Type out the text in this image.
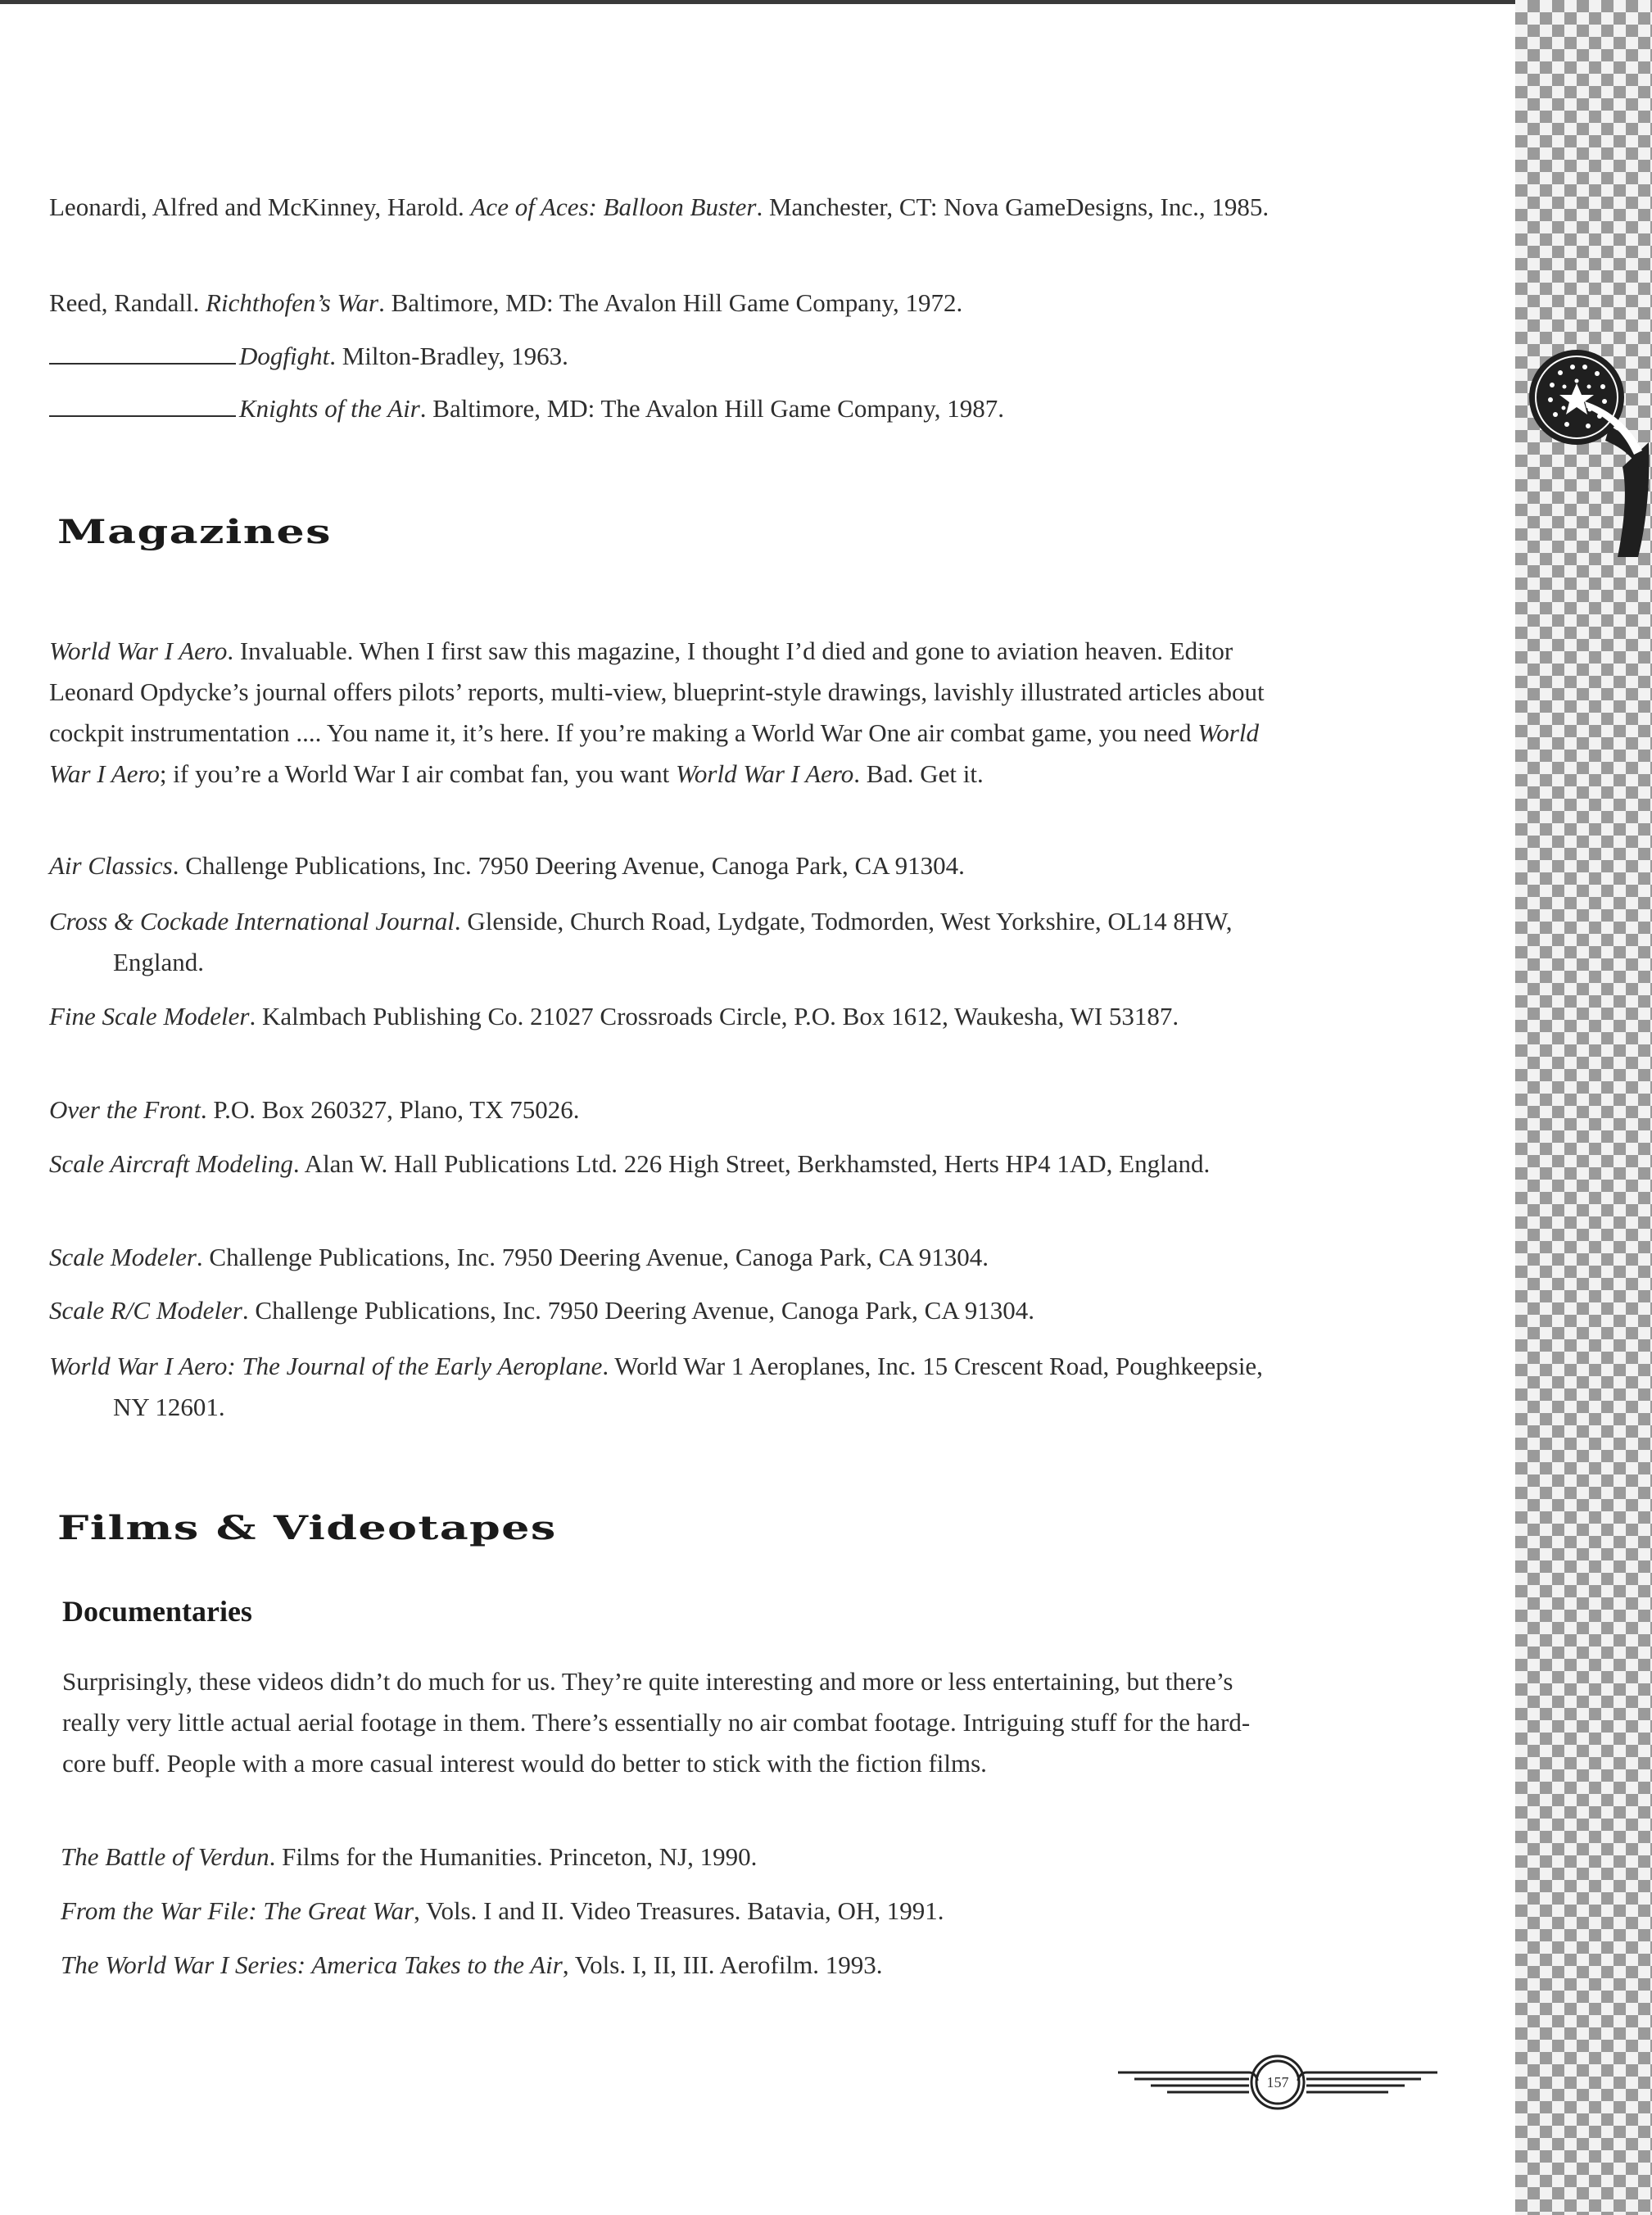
Leonardi, Alfred and McKinney, Harold. Ace of Aces: Balloon Buster. Manchester, CT: Nova GameDesigns, Inc., 1985.
Reed, Randall. Richthofen’s War. Baltimore, MD: The Avalon Hill Game Company, 1972.
Dogfight. Milton-Bradley, 1963.
Knights of the Air. Baltimore, MD: The Avalon Hill Game Company, 1987.
Magazines
World War I Aero. Invaluable. When I first saw this magazine, I thought I’d died and gone to aviation heaven. Editor Leonard Opdycke’s journal offers pilots’ reports, multi-view, blueprint-style drawings, lavishly illustrated articles about cockpit instrumentation .... You name it, it’s here. If you’re making a World War One air combat game, you need World War I Aero; if you’re a World War I air combat fan, you want World War I Aero. Bad. Get it.
Air Classics. Challenge Publications, Inc. 7950 Deering Avenue, Canoga Park, CA 91304.
Cross & Cockade International Journal. Glenside, Church Road, Lydgate, Todmorden, West Yorkshire, OL14 8HW, England.
Fine Scale Modeler. Kalmbach Publishing Co. 21027 Crossroads Circle, P.O. Box 1612, Waukesha, WI 53187.
Over the Front. P.O. Box 260327, Plano, TX 75026.
Scale Aircraft Modeling. Alan W. Hall Publications Ltd. 226 High Street, Berkhamsted, Herts HP4 1AD, England.
Scale Modeler. Challenge Publications, Inc. 7950 Deering Avenue, Canoga Park, CA 91304.
Scale R/C Modeler. Challenge Publications, Inc. 7950 Deering Avenue, Canoga Park, CA 91304.
World War I Aero: The Journal of the Early Aeroplane. World War 1 Aeroplanes, Inc. 15 Crescent Road, Poughkeepsie, NY 12601.
Films & Videotapes
Documentaries
Surprisingly, these videos didn’t do much for us. They’re quite interesting and more or less entertaining, but there’s really very little actual aerial footage in them. There’s essentially no air combat footage. Intriguing stuff for the hard-core buff. People with a more casual interest would do better to stick with the fiction films.
The Battle of Verdun. Films for the Humanities. Princeton, NJ, 1990.
From the War File: The Great War, Vols. I and II. Video Treasures. Batavia, OH, 1991.
The World War I Series: America Takes to the Air, Vols. I, II, III. Aerofilm. 1993.
157
